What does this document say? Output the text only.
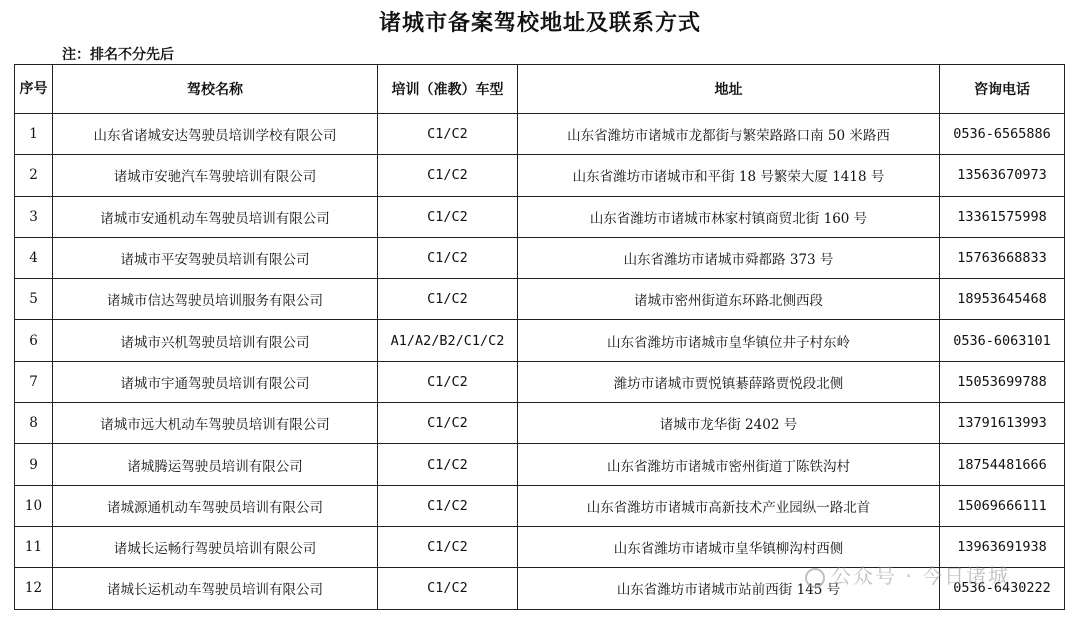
诸城市备案驾校地址及联系方式
注：排名不分先后
序号	驾校名称	培训（准教）车型	地址	咨询电话
1	山东省诸城安达驾驶员培训学校有限公司	C1/C2	山东省潍坊市诸城市龙都街与繁荣路路口南 50 米路西	0536-6565886
2	诸城市安驰汽车驾驶培训有限公司	C1/C2	山东省潍坊市诸城市和平街 18 号繁荣大厦 1418 号	13563670973
3	诸城市安通机动车驾驶员培训有限公司	C1/C2	山东省潍坊市诸城市林家村镇商贸北街 160 号	13361575998
4	诸城市平安驾驶员培训有限公司	C1/C2	山东省潍坊市诸城市舜都路 373 号	15763668833
5	诸城市信达驾驶员培训服务有限公司	C1/C2	诸城市密州街道东环路北侧西段	18953645468
6	诸城市兴机驾驶员培训有限公司	A1/A2/B2/C1/C2	山东省潍坊市诸城市皇华镇位井子村东岭	0536-6063101
7	诸城市宇通驾驶员培训有限公司	C1/C2	潍坊市诸城市贾悦镇綦薛路贾悦段北侧	15053699788
8	诸城市远大机动车驾驶员培训有限公司	C1/C2	诸城市龙华街 2402 号	13791613993
9	诸城腾运驾驶员培训有限公司	C1/C2	山东省潍坊市诸城市密州街道丁陈铁沟村	18754481666
10	诸城源通机动车驾驶员培训有限公司	C1/C2	山东省潍坊市诸城市高新技术产业园纵一路北首	15069666111
11	诸城长运畅行驾驶员培训有限公司	C1/C2	山东省潍坊市诸城市皇华镇柳沟村西侧	13963691938
12	诸城长运机动车驾驶员培训有限公司	C1/C2	山东省潍坊市诸城市站前西街 145 号	0536-6430222
公众号 · 今日诸城
